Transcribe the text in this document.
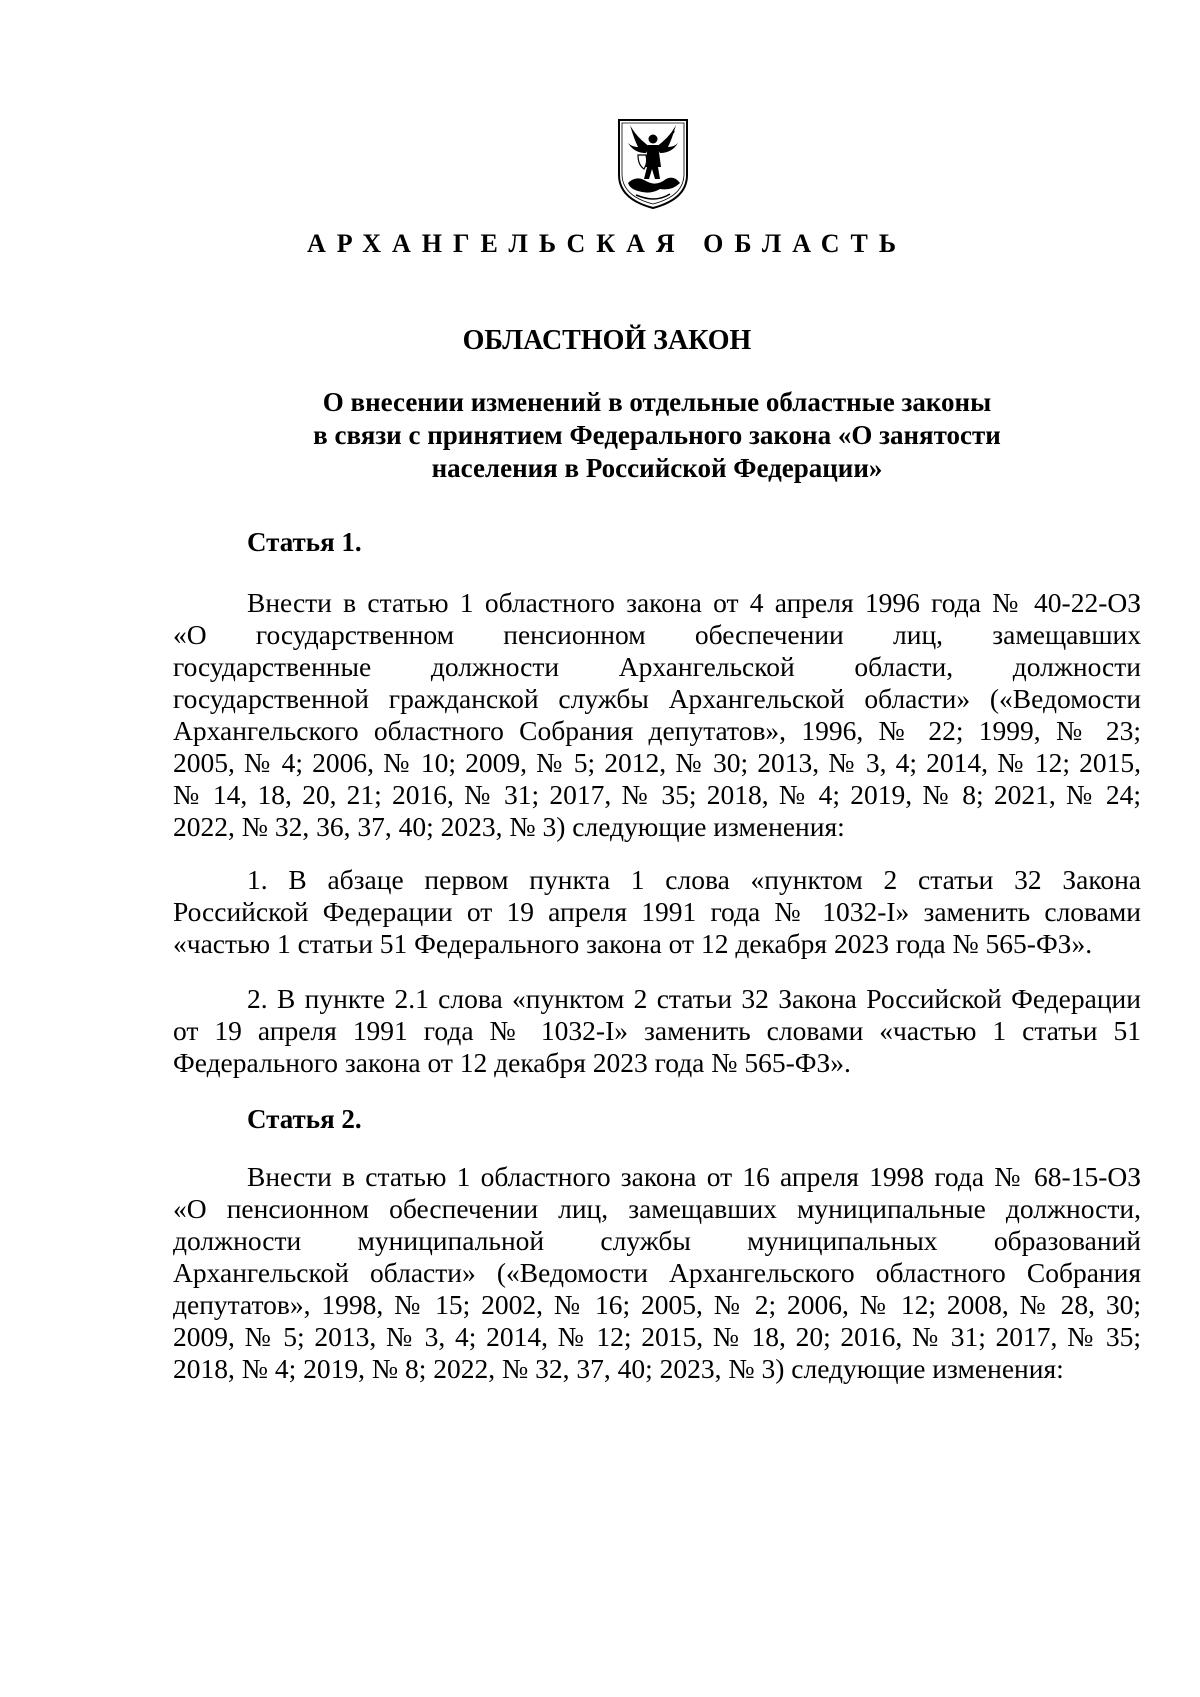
АРХАНГЕЛЬСКАЯ ОБЛАСТЬ
ОБЛАСТНОЙ ЗАКОН
О внесении изменений в отдельные областные законы
в связи с принятием Федерального закона «О занятости
населения в Российской Федерации»
Статья 1.
Внести в статью 1 областного закона от 4 апреля 1996 года № 40-22-ОЗ
«О государственном пенсионном обеспечении лиц, замещавших
государственные должности Архангельской области, должности
государственной гражданской службы Архангельской области» («Ведомости
Архангельского областного Собрания депутатов», 1996, № 22; 1999, № 23;
2005, № 4; 2006, № 10; 2009, № 5; 2012, № 30; 2013, № 3, 4; 2014, № 12; 2015,
№ 14, 18, 20, 21; 2016, № 31; 2017, № 35; 2018, № 4; 2019, № 8; 2021, № 24;
2022, № 32, 36, 37, 40; 2023, № 3) следующие изменения:
1. В абзаце первом пункта 1 слова «пунктом 2 статьи 32 Закона
Российской Федерации от 19 апреля 1991 года № 1032-I» заменить словами
«частью 1 статьи 51 Федерального закона от 12 декабря 2023 года № 565-ФЗ».
2. В пункте 2.1 слова «пунктом 2 статьи 32 Закона Российской Федерации
от 19 апреля 1991 года № 1032-I» заменить словами «частью 1 статьи 51
Федерального закона от 12 декабря 2023 года № 565-ФЗ».
Статья 2.
Внести в статью 1 областного закона от 16 апреля 1998 года № 68-15-ОЗ
«О пенсионном обеспечении лиц, замещавших муниципальные должности,
должности муниципальной службы муниципальных образований
Архангельской области» («Ведомости Архангельского областного Собрания
депутатов», 1998, № 15; 2002, № 16; 2005, № 2; 2006, № 12; 2008, № 28, 30;
2009, № 5; 2013, № 3, 4; 2014, № 12; 2015, № 18, 20; 2016, № 31; 2017, № 35;
2018, № 4; 2019, № 8; 2022, № 32, 37, 40; 2023, № 3) следующие изменения:
